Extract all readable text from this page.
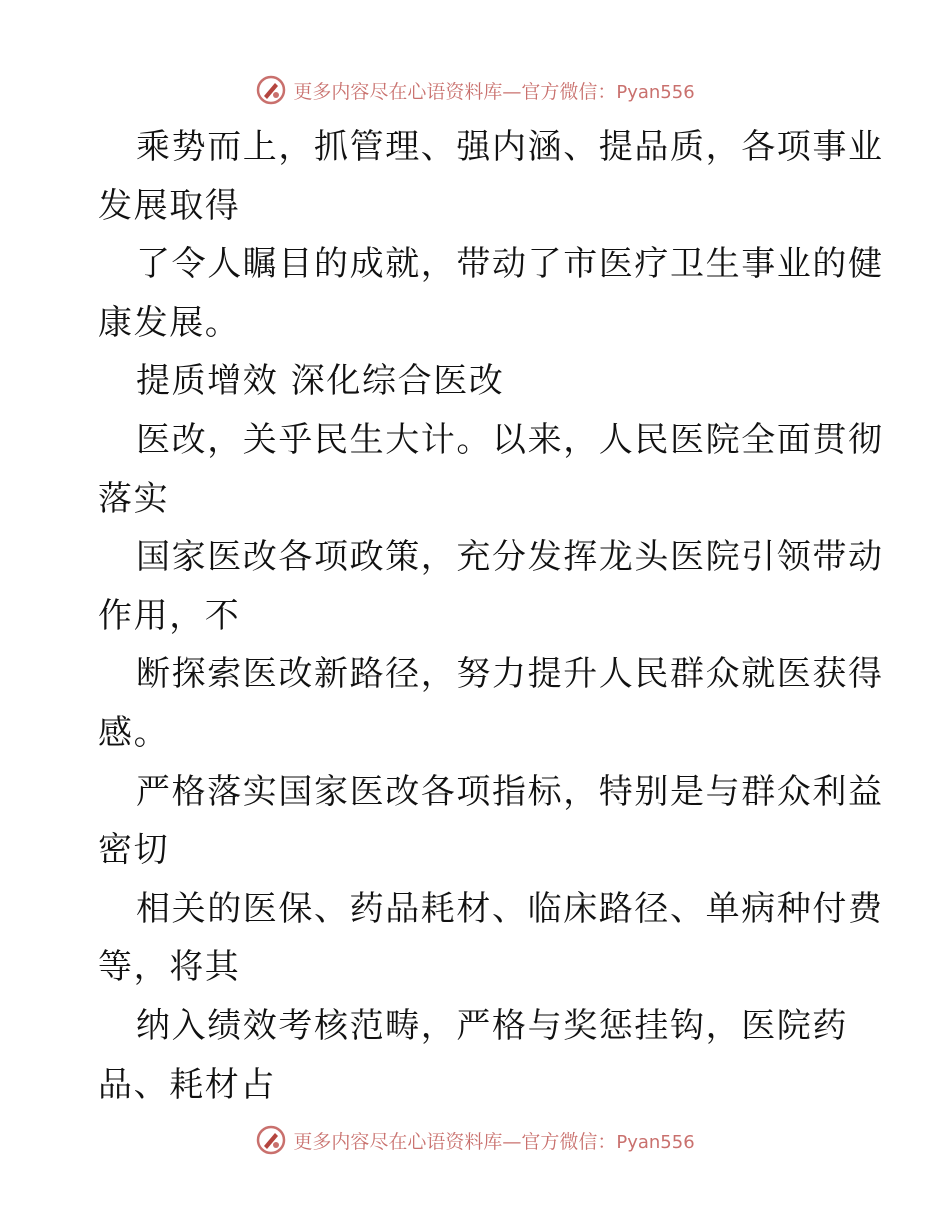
更多内容尽在心语资料库—官方微信：Pyan556
乘势而上，抓管理、强内涵、提品质，各项事业
发展取得
了令人瞩目的成就，带动了市医疗卫生事业的健
康发展。
提质增效 深化综合医改
医改，关乎民生大计。以来，人民医院全面贯彻
落实
国家医改各项政策，充分发挥龙头医院引领带动
作用，不
断探索医改新路径，努力提升人民群众就医获得
感。
严格落实国家医改各项指标，特别是与群众利益
密切
相关的医保、药品耗材、临床路径、单病种付费
等，将其
纳入绩效考核范畴，严格与奖惩挂钩，医院药
品、耗材占
更多内容尽在心语资料库—官方微信：Pyan556
